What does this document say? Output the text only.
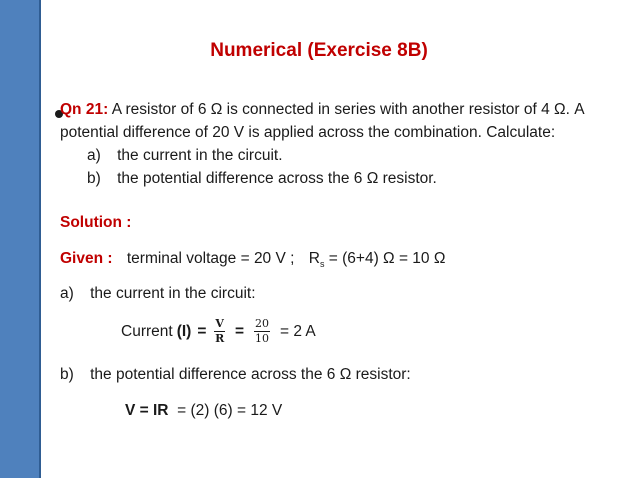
Numerical (Exercise 8B)
Qn 21: A resistor of 6 Ω is connected in series with another resistor of 4 Ω. A
potential difference of 20 V is applied across the combination. Calculate:
a) the current in the circuit.
b) the potential difference across the 6 Ω resistor.
Solution :
Given : terminal voltage = 20 V ; $R_s = (6+4) \Omega = 10$ Ω
a) the current in the circuit:
Current $(I) = \frac{V}{R} = \frac{20}{10} = 2$ A
b) the potential difference across the 6 Ω resistor:
V = IR  = (2) (6) = 12 V
